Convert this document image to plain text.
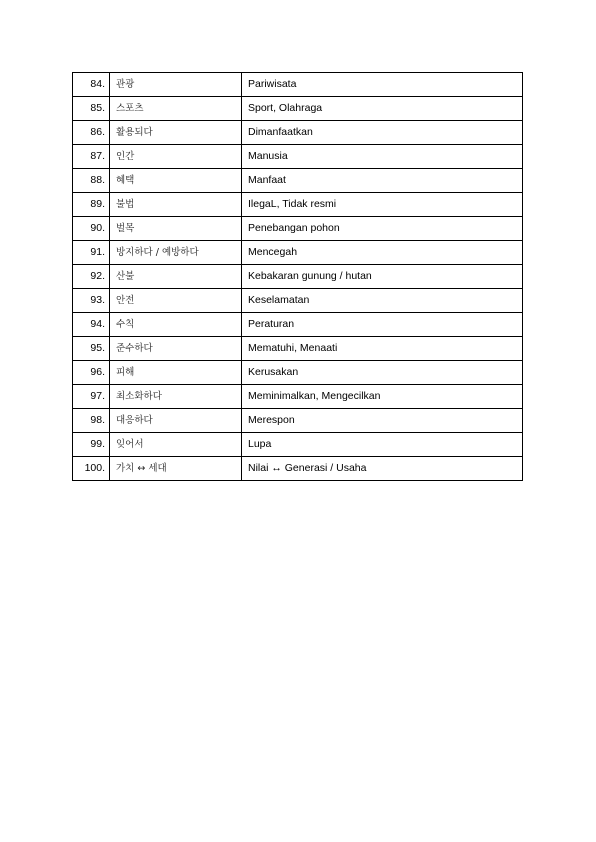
84.	관광	Pariwisata
85.	스포츠	Sport, Olahraga
86.	활용되다	Dimanfaatkan
87.	인간	Manusia
88.	혜택	Manfaat
89.	불법	IlegaL, Tidak resmi
90.	벌목	Penebangan pohon
91.	방지하다 / 예방하다	Mencegah
92.	산불	Kebakaran gunung / hutan
93.	안전	Keselamatan
94.	수칙	Peraturan
95.	준수하다	Mematuhi, Menaati
96.	피해	Kerusakan
97.	최소화하다	Meminimalkan, Mengecilkan
98.	대응하다	Merespon
99.	잊어서	Lupa
100.	가치 ↔ 세대	Nilai ↔ Generasi / Usaha
